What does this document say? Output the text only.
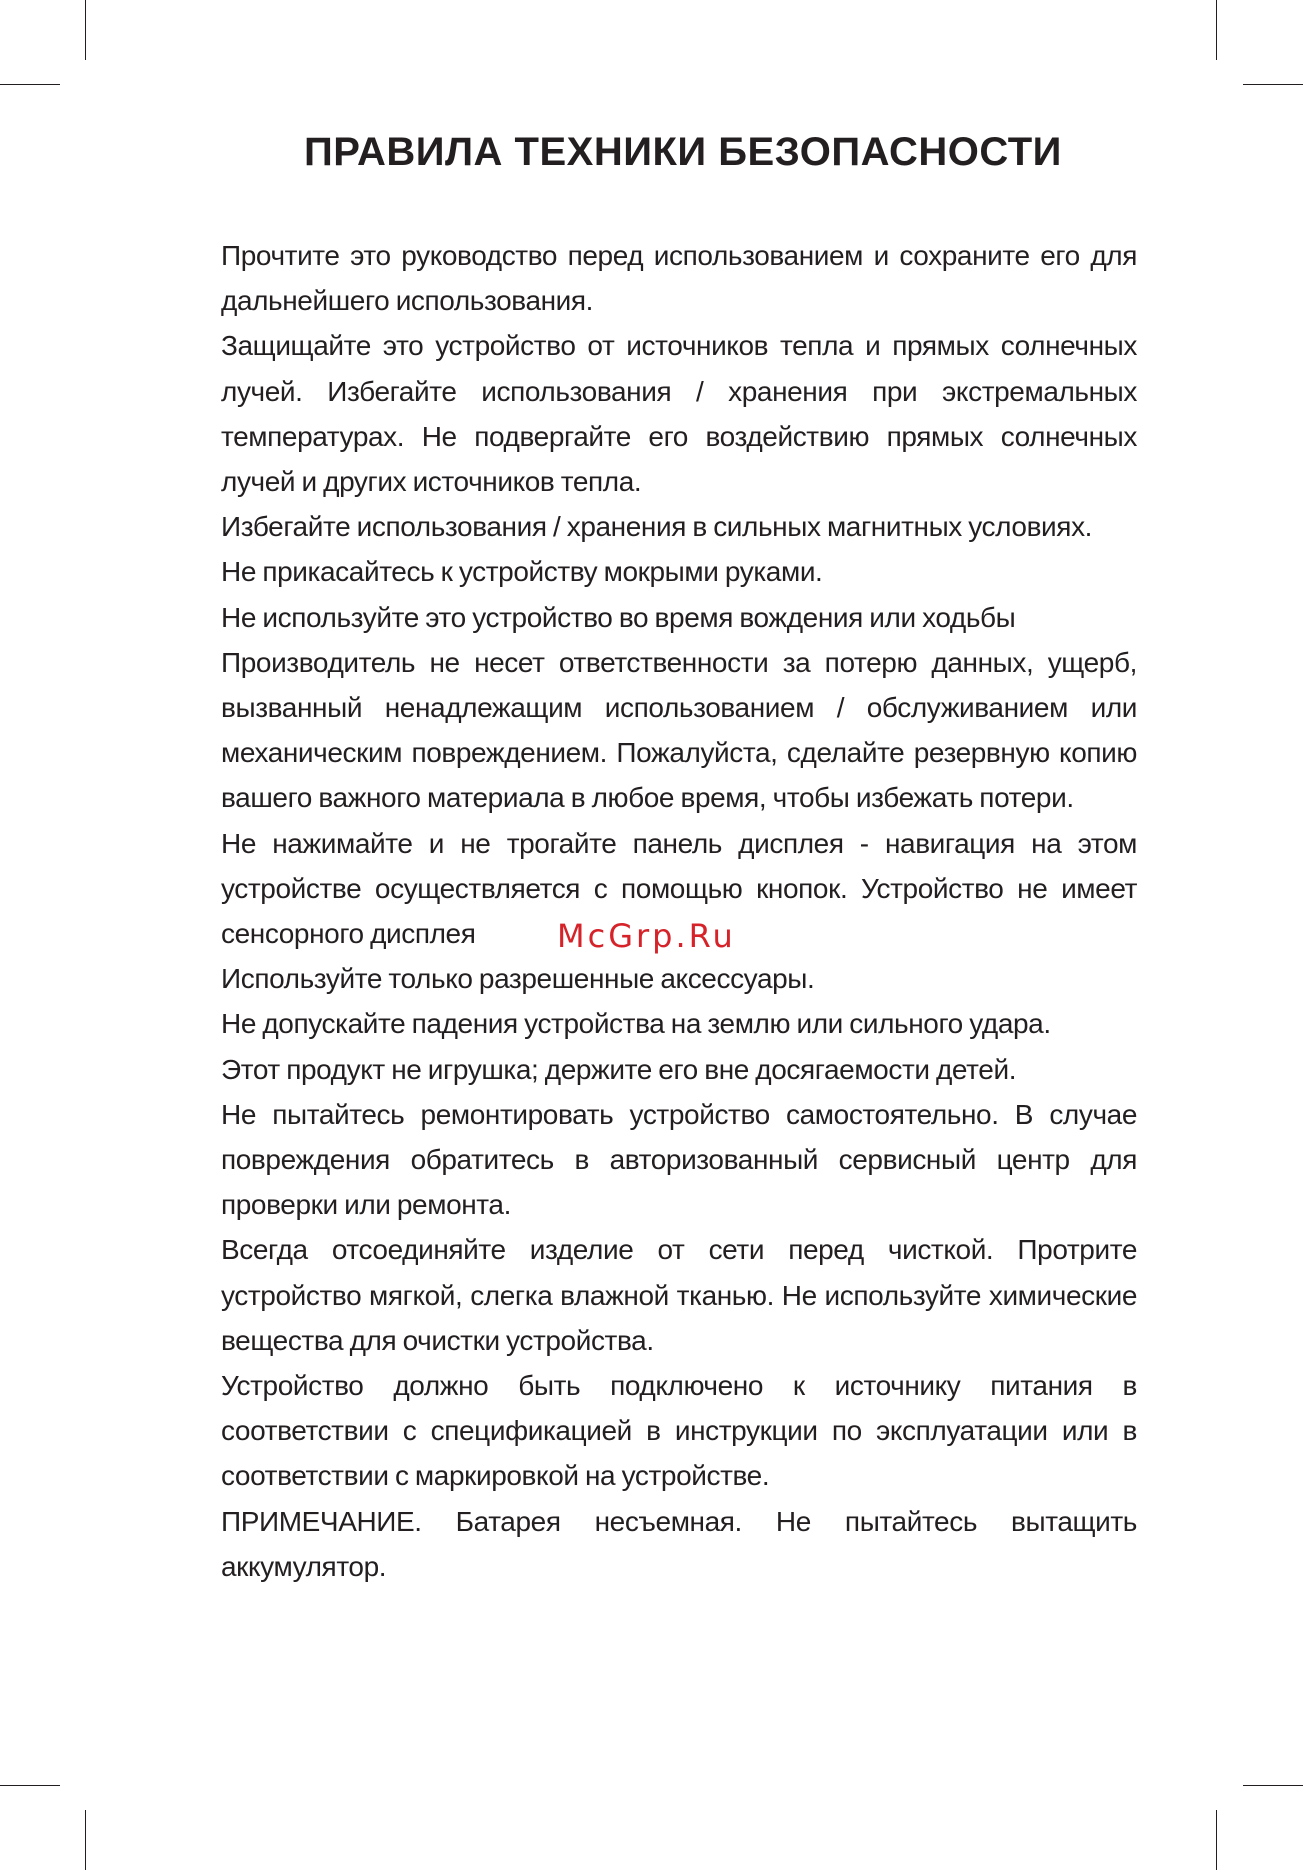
ПРАВИЛА ТЕХНИКИ БЕЗОПАСНОСТИ

Прочтите это руководство перед использованием и сохраните его для дальнейшего использования.

Защищайте это устройство от источников тепла и прямых солнечных лучей. Избегайте использования / хранения при экстремальных температурах. Не подвергайте его воздействию прямых солнечных лучей и других источников тепла.

Избегайте использования / хранения в сильных магнитных условиях.

Не прикасайтесь к устройству мокрыми руками.

Не используйте это устройство во время вождения или ходьбы

Производитель не несет ответственности за потерю данных, ущерб, вызванный ненадлежащим использованием / обслуживанием или механическим повреждением. Пожалуйста, сделайте резервную копию вашего важного материала в любое время, чтобы избежать потери.

Не нажимайте и не трогайте панель дисплея - навигация на этом устройстве осуществляется с помощью кнопок. Устройство не имеет сенсорного дисплея

Используйте только разрешенные аксессуары.

Не допускайте падения устройства на землю или сильного удара.

Этот продукт не игрушка; держите его вне досягаемости детей.

Не пытайтесь ремонтировать устройство самостоятельно. В случае повреждения обратитесь в авторизованный сервисный центр для проверки или ремонта.

Всегда отсоединяйте изделие от сети перед чисткой. Протрите устройство мягкой, слегка влажной тканью. Не используйте химические вещества для очистки устройства.

Устройство должно быть подключено к источнику питания в соответствии с спецификацией в инструкции по эксплуатации или в соответствии с маркировкой на устройстве.

ПРИМЕЧАНИЕ. Батарея несъемная. Не пытайтесь вытащить аккумулятор.

McGrp.Ru
